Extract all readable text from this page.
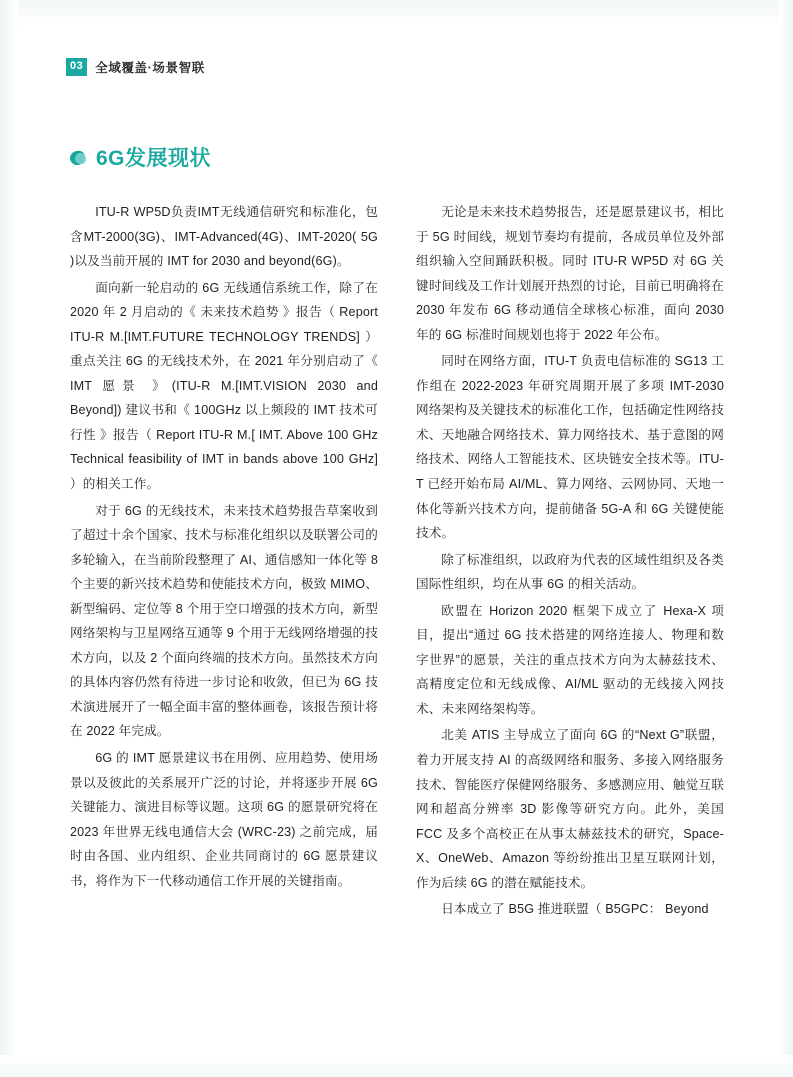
03 全域覆盖·场景智联
6G发展现状

ITU-R WP5D负责IMT无线通信研究和标准化，包含MT-2000(3G)、IMT-Advanced(4G)、IMT-2020( 5G )以及当前开展的 IMT for 2030 and beyond(6G)。

面向新一轮启动的 6G 无线通信系统工作，除了在 2020 年 2 月启动的《 未来技术趋势 》报告（ Report ITU-R M.[IMT.FUTURE TECHNOLOGY TRENDS] ）重点关注 6G 的无线技术外，在 2021 年分别启动了《 IMT 愿景 》(ITU-R M.[IMT.VISION 2030 and Beyond]) 建议书和《 100GHz 以上频段的 IMT 技术可行性 》报告（ Report ITU-R M.[ IMT. Above 100 GHz Technical feasibility of IMT in bands above 100 GHz] ）的相关工作。

对于 6G 的无线技术，未来技术趋势报告草案收到了超过十余个国家、技术与标准化组织以及联署公司的多轮输入，在当前阶段整理了 AI、通信感知一体化等 8 个主要的新兴技术趋势和使能技术方向，极致 MIMO、新型编码、定位等 8 个用于空口增强的技术方向，新型网络架构与卫星网络互通等 9 个用于无线网络增强的技术方向，以及 2 个面向终端的技术方向。虽然技术方向的具体内容仍然有待进一步讨论和收敛，但已为 6G 技术演进展开了一幅全面丰富的整体画卷，该报告预计将在 2022 年完成。

6G 的 IMT 愿景建议书在用例、应用趋势、使用场景以及彼此的关系展开广泛的讨论，并将逐步开展 6G 关键能力、演进目标等议题。这项 6G 的愿景研究将在 2023 年世界无线电通信大会 (WRC-23) 之前完成，届时由各国、业内组织、企业共同商讨的 6G 愿景建议书，将作为下一代移动通信工作开展的关键指南。

无论是未来技术趋势报告，还是愿景建议书，相比于 5G 时间线，规划节奏均有提前，各成员单位及外部组织输入空间踊跃积极。同时 ITU-R WP5D 对 6G 关键时间线及工作计划展开热烈的讨论，目前已明确将在 2030 年发布 6G 移动通信全球核心标准，面向 2030 年的 6G 标准时间规划也将于 2022 年公布。

同时在网络方面，ITU-T 负责电信标准的 SG13 工作组在 2022-2023 年研究周期开展了多项 IMT-2030 网络架构及关键技术的标准化工作，包括确定性网络技术、天地融合网络技术、算力网络技术、基于意图的网络技术、网络人工智能技术、区块链安全技术等。ITU-T 已经开始布局 AI/ML、算力网络、云网协同、天地一体化等新兴技术方向，提前储备 5G-A 和 6G 关键使能技术。

除了标准组织，以政府为代表的区域性组织及各类国际性组织，均在从事 6G 的相关活动。

欧盟在 Horizon 2020 框架下成立了 Hexa-X 项目，提出“通过 6G 技术搭建的网络连接人、物理和数字世界”的愿景，关注的重点技术方向为太赫兹技术、高精度定位和无线成像、AI/ML 驱动的无线接入网技术、未来网络架构等。

北美 ATIS 主导成立了面向 6G 的“Next G”联盟，着力开展支持 AI 的高级网络和服务、多接入网络服务技术、智能医疗保健网络服务、多感测应用、触觉互联网和超高分辨率 3D 影像等研究方向。此外，美国 FCC 及多个高校正在从事太赫兹技术的研究，Space-X、OneWeb、Amazon 等纷纷推出卫星互联网计划，作为后续 6G 的潜在赋能技术。

日本成立了 B5G 推进联盟（ B5GPC： Beyond
